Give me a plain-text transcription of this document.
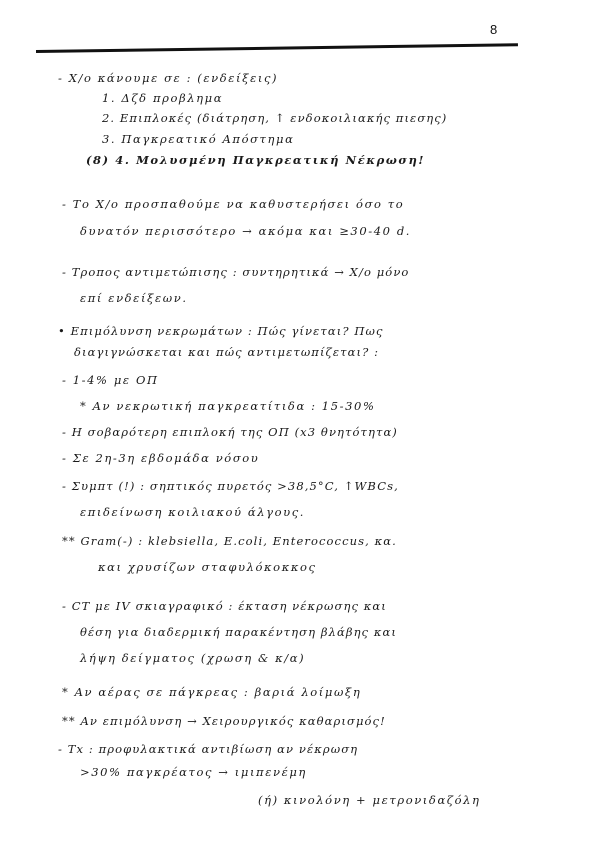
8
- Χ/ο κάνουμε σε : (ενδείξεις)
1. Δζδ προβλημα
2. Επιπλοκές (διάτρηση, ↑ ενδοκοιλιακής πιεσης)
3. Παγκρεατικό Απόστημα
(8) 4. Μολυσμένη Παγκρεατική Νέκρωση!
- Το Χ/ο προσπαθούμε να καθυστερήσει όσο το
δυνατόν περισσότερο → ακόμα και ≥30-40 d.
- Τροπος αντιμετώπισης : συντηρητικά → Χ/ο μόνο
επί ενδείξεων.
• Επιμόλυνση νεκρωμάτων : Πώς γίνεται? Πως
διαγιγνώσκεται και πώς αντιμετωπίζεται? :
- 1-4% με ΟΠ
* Αν νεκρωτική παγκρεατίτιδα : 15-30%
- Η σοβαρότερη επιπλοκή της ΟΠ (x3 θνητότητα)
- Σε 2η-3η εβδομάδα νόσου
- Συμπτ (!) : σηπτικός πυρετός >38,5°C, ↑WBCs,
επιδείνωση κοιλιακού άλγους.
** Gram(-) : klebsiella, E.coli, Enterococcus, κα.
και χρυσίζων σταφυλόκοκκος
- CT με IV σκιαγραφικό : έκταση νέκρωσης και
θέση για διαδερμική παρακέντηση βλάβης και
λήψη δείγματος (χρωση & κ/α)
* Αν αέρας σε πάγκρεας : βαριά λοίμωξη
** Αν επιμόλυνση → Χειρουργικός καθαρισμός!
- Tx : προφυλακτικά αντιβίωση αν νέκρωση
>30% παγκρέατος → ιμιπενέμη
(ή) κινολόνη + μετρονιδαζόλη
